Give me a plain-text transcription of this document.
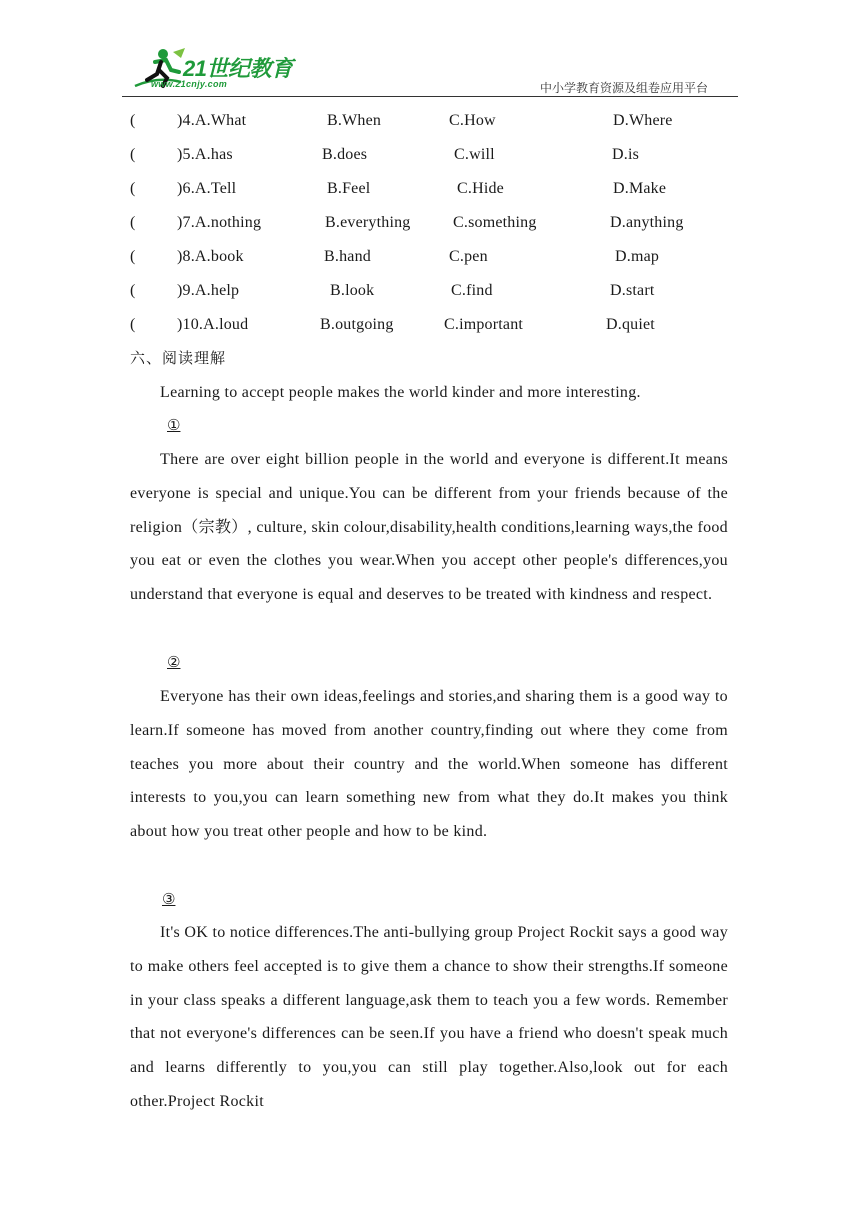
21世纪教育
www.21cnjy.com	中小学教育资源及组卷应用平台
(	)4.A.What	B.When	C.How	D.Where
(	)5.A.has	B.does	C.will	D.is
(	)6.A.Tell	B.Feel	C.Hide	D.Make
(	)7.A.nothing	B.everything	C.something	D.anything
(	)8.A.book	B.hand	C.pen	D.map
(	)9.A.help	B.look	C.find	D.start
(	)10.A.loud	B.outgoing	C.important	D.quiet
六、阅读理解

Learning to accept people makes the world kinder and more interesting.

①

There are over eight billion people in the world and everyone is different.It means everyone is special and unique.You can be different from your friends because of the religion（宗教）, culture, skin colour,disability,health conditions,learning ways,the food you eat or even the clothes you wear.When you accept other people's differences,you understand that everyone is equal and deserves to be treated with kindness and respect.

②

Everyone has their own ideas,feelings and stories,and sharing them is a good way to learn.If someone has moved from another country,finding out where they come from teaches you more about their country and the world.When someone has different interests to you,you can learn something new from what they do.It makes you think about how you treat other people and how to be kind.

③

It's OK to notice differences.The anti-bullying group Project Rockit says a good way to make others feel accepted is to give them a chance to show their strengths.If someone in your class speaks a different language,ask them to teach you a few words. Remember that not everyone's differences can be seen.If you have a friend who doesn't speak much and learns differently to you,you can still play together.Also,look out for each other.Project Rockit
